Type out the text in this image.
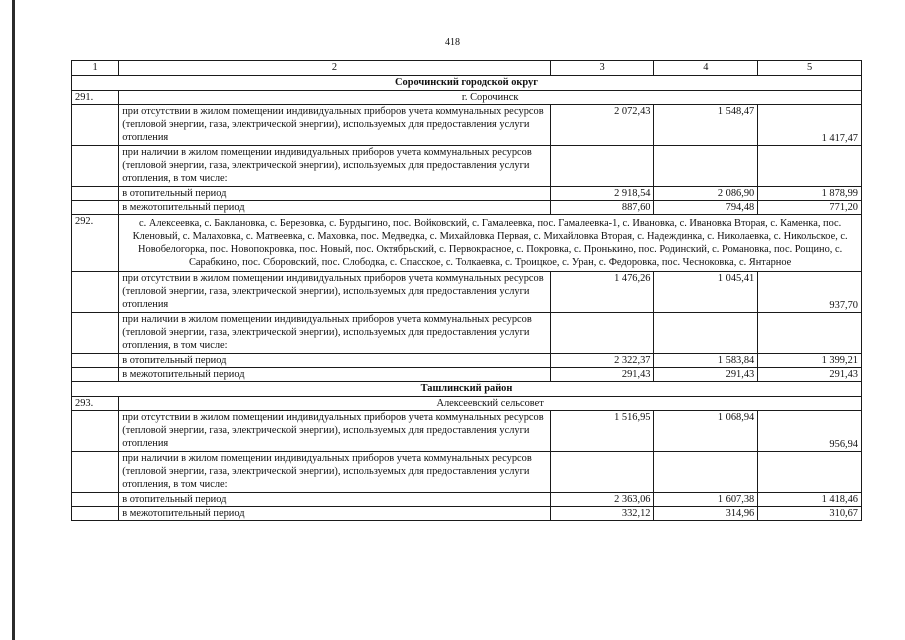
418
1	2	3	4	5
Сорочинский городской округ				
291.	г. Сорочинск			
	при отсутствии в жилом помещении индивидуальных приборов учета коммунальных ресурсов (тепловой энергии, газа, электрической энергии), используемых для предоставления услуги отопления	2 072,43	1 548,47	1 417,47
	при наличии в жилом помещении индивидуальных приборов учета коммунальных ресурсов (тепловой энергии, газа, электрической энергии), используемых для предоставления услуги отопления, в том числе:			
	в отопительный период	2 918,54	2 086,90	1 878,99
	в межотопительный период	887,60	794,48	771,20
292.	с. Алексеевка, с. Баклановка, с. Березовка, с. Бурдыгино, пос. Войковский, с. Гамалеевка, пос. Гамалеевка-1, с. Ивановка, с. Ивановка Вторая, с. Каменка, пос. Кленовый, с. Малаховка, с. Матвеевка, с. Маховка, пос. Медведка, с. Михайловка Первая, с. Михайловка Вторая, с. Надеждинка, с. Николаевка, с. Никольское, с. Новобелогорка, пос. Новопокровка, пос. Новый, пос. Октябрьский, с. Первокрасное, с. Покровка, с. Пронькино, пос. Родинский, с. Романовка, пос. Рощино, с. Сарабкино, пос. Сборовский, пос. Слободка, с. Спасское, с. Толкаевка, с. Троицкое, с. Уран, с. Федоровка, пос. Чесноковка, с. Янтарное			
	при отсутствии в жилом помещении индивидуальных приборов учета коммунальных ресурсов (тепловой энергии, газа, электрической энергии), используемых для предоставления услуги отопления	1 476,26	1 045,41	937,70
	при наличии в жилом помещении индивидуальных приборов учета коммунальных ресурсов (тепловой энергии, газа, электрической энергии), используемых для предоставления услуги отопления, в том числе:			
	в отопительный период	2 322,37	1 583,84	1 399,21
	в межотопительный период	291,43	291,43	291,43
Ташлинский район				
293.	Алексеевский сельсовет			
	при отсутствии в жилом помещении индивидуальных приборов учета коммунальных ресурсов (тепловой энергии, газа, электрической энергии), используемых для предоставления услуги отопления	1 516,95	1 068,94	956,94
	при наличии в жилом помещении индивидуальных приборов учета коммунальных ресурсов (тепловой энергии, газа, электрической энергии), используемых для предоставления услуги отопления, в том числе:			
	в отопительный период	2 363,06	1 607,38	1 418,46
	в межотопительный период	332,12	314,96	310,67
